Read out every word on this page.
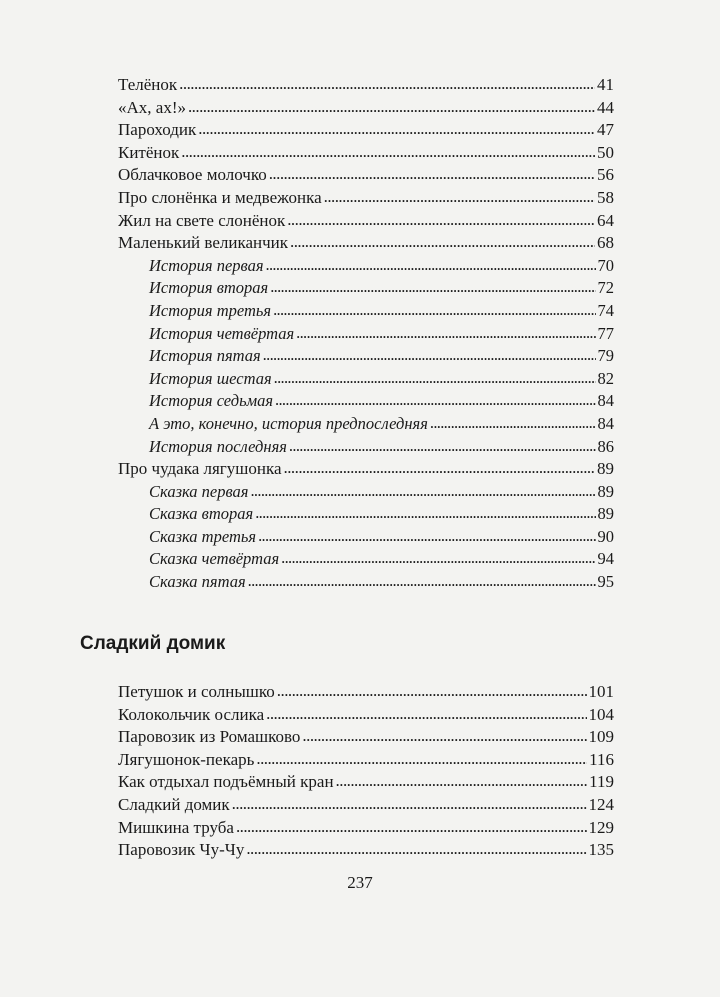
Телёнок . . .	41
«Ах, ах!» . . .	44
Пароходик . . .	47
Китёнок . . .	50
Облачковое молочко . . .	56
Про слонёнка и медвежонка . . .	58
Жил на свете слонёнок . . .	64
Маленький великанчик . . .	68
История первая . . .	70
История вторая . . .	72
История третья . . .	74
История четвёртая . . .	77
История пятая . . .	79
История шестая . . .	82
История седьмая . . .	84
А это, конечно, история предпоследняя . . .	84
История последняя . . .	86
Про чудака лягушонка . . .	89
Сказка первая . . .	89
Сказка вторая . . .	89
Сказка третья . . .	90
Сказка четвёртая . . .	94
Сказка пятая . . .	95
Сладкий домик
Петушок и солнышко . . .	101
Колокольчик ослика . . .	104
Паровозик из Ромашково . . .	109
Лягушонок-пекарь . . .	116
Как отдыхал подъёмный кран . . .	119
Сладкий домик . . .	124
Мишкина труба . . .	129
Паровозик Чу-Чу . . .	135
237
